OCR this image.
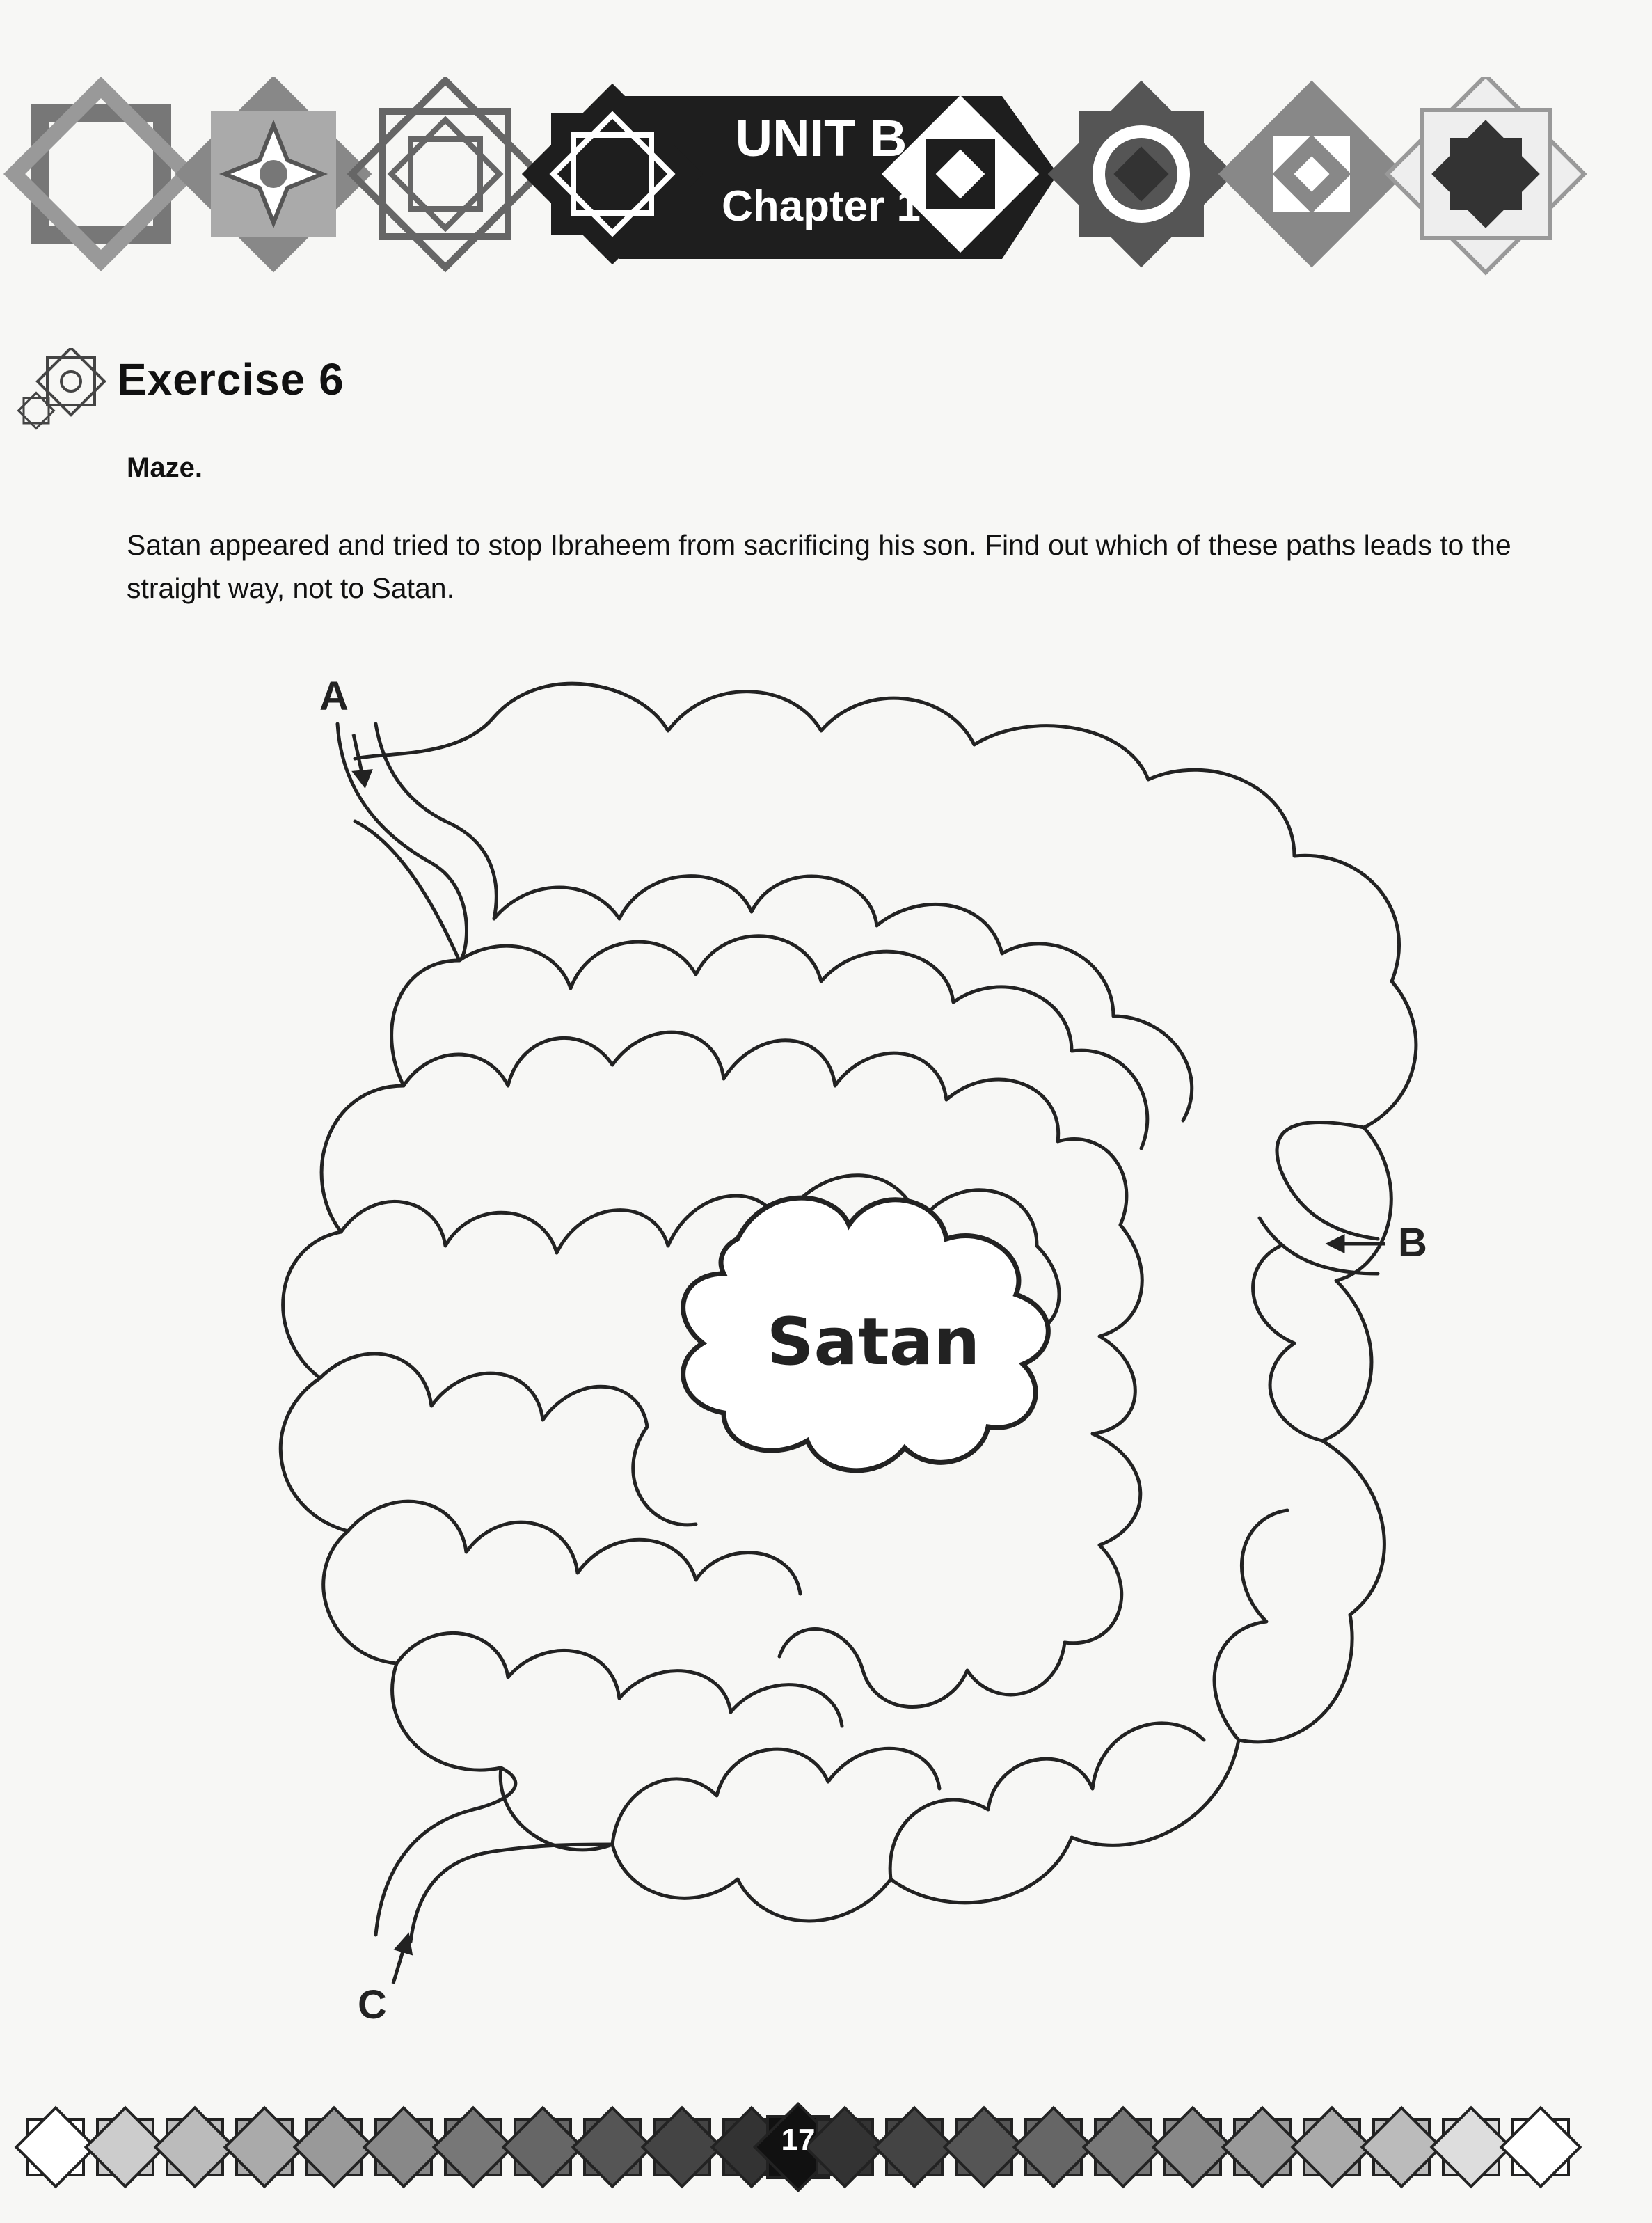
UNIT B
Chapter 1
Exercise 6
Maze.
Satan appeared and tried to stop Ibraheem from sacrificing his son. Find out which of these paths leads to the straight way, not to Satan.
Satan
A
B
C
17
